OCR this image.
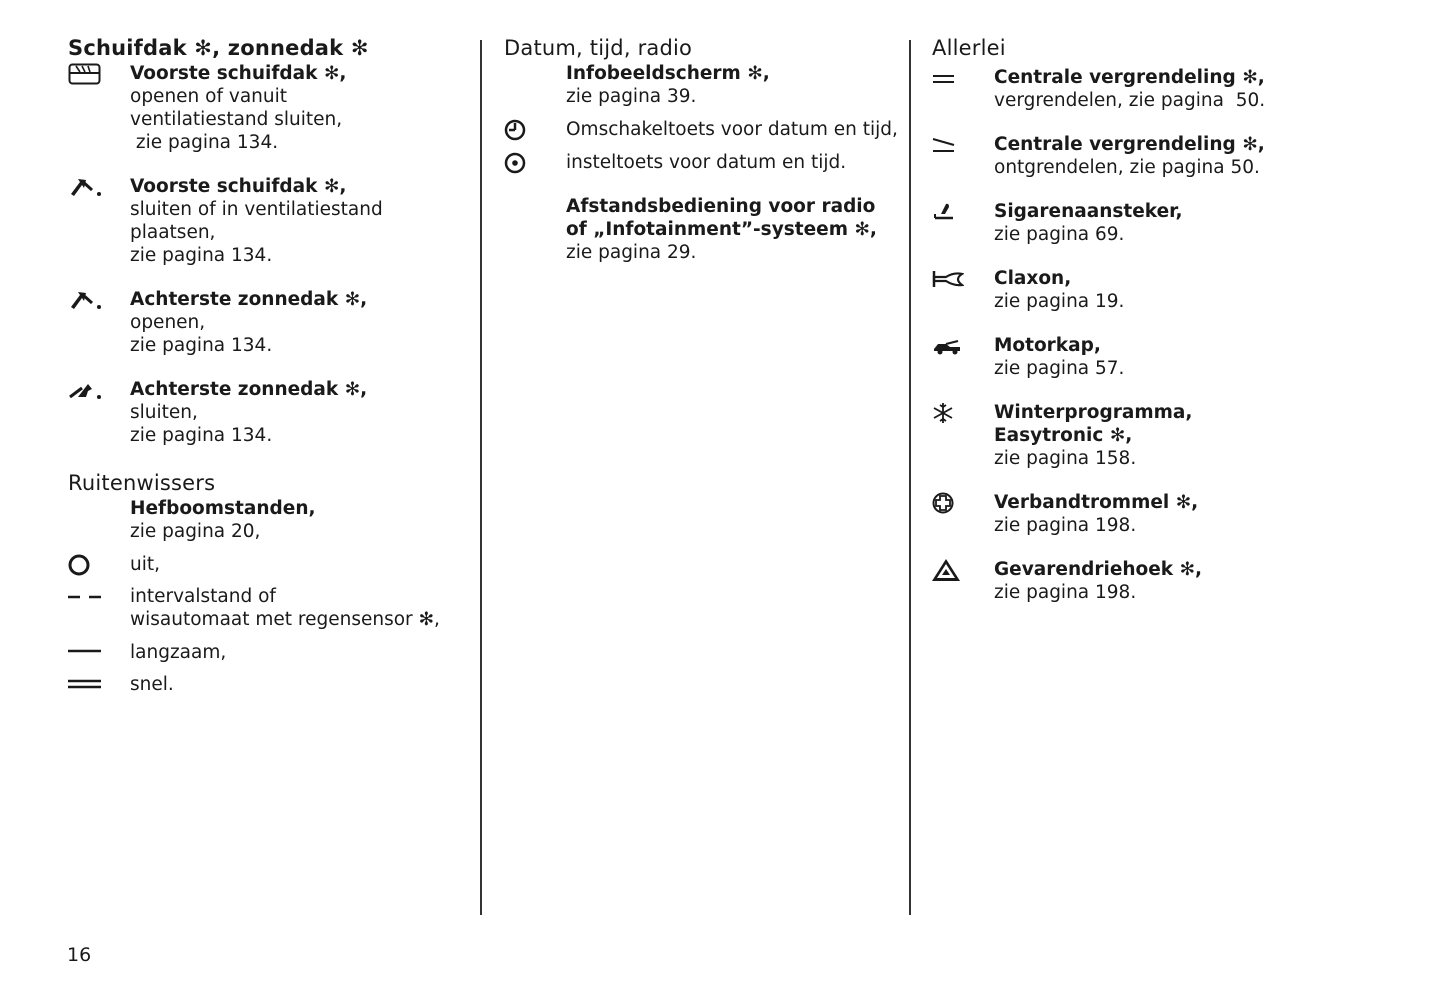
Schuifdak ✻, zonnedak ✻
Voorste schuifdak ✻,
openen of vanuit
ventilatiestand sluiten,
zie pagina 134.
Voorste schuifdak ✻,
sluiten of in ventilatiestand
plaatsen,
zie pagina 134.
Achterste zonnedak ✻,
openen,
zie pagina 134.
Achterste zonnedak ✻,
sluiten,
zie pagina 134.
Ruitenwissers
Hefboomstanden,
zie pagina 20,
uit,
intervalstand of
wisautomaat met regensensor ✻,
langzaam,
snel.
Datum, tijd, radio
Infobeeldscherm ✻,
zie pagina 39.
Omschakeltoets voor datum en tijd,
insteltoets voor datum en tijd.
Afstandsbediening voor radio
of „Infotainment”-systeem ✻,
zie pagina 29.
Allerlei
Centrale vergrendeling ✻,
vergrendelen, zie pagina  50.
Centrale vergrendeling ✻,
ontgrendelen, zie pagina 50.
Sigarenaansteker,
zie pagina 69.
Claxon,
zie pagina 19.
Motorkap,
zie pagina 57.
Winterprogramma,
Easytronic ✻,
zie pagina 158.
Verbandtrommel ✻,
zie pagina 198.
Gevarendriehoek ✻,
zie pagina 198.
16
